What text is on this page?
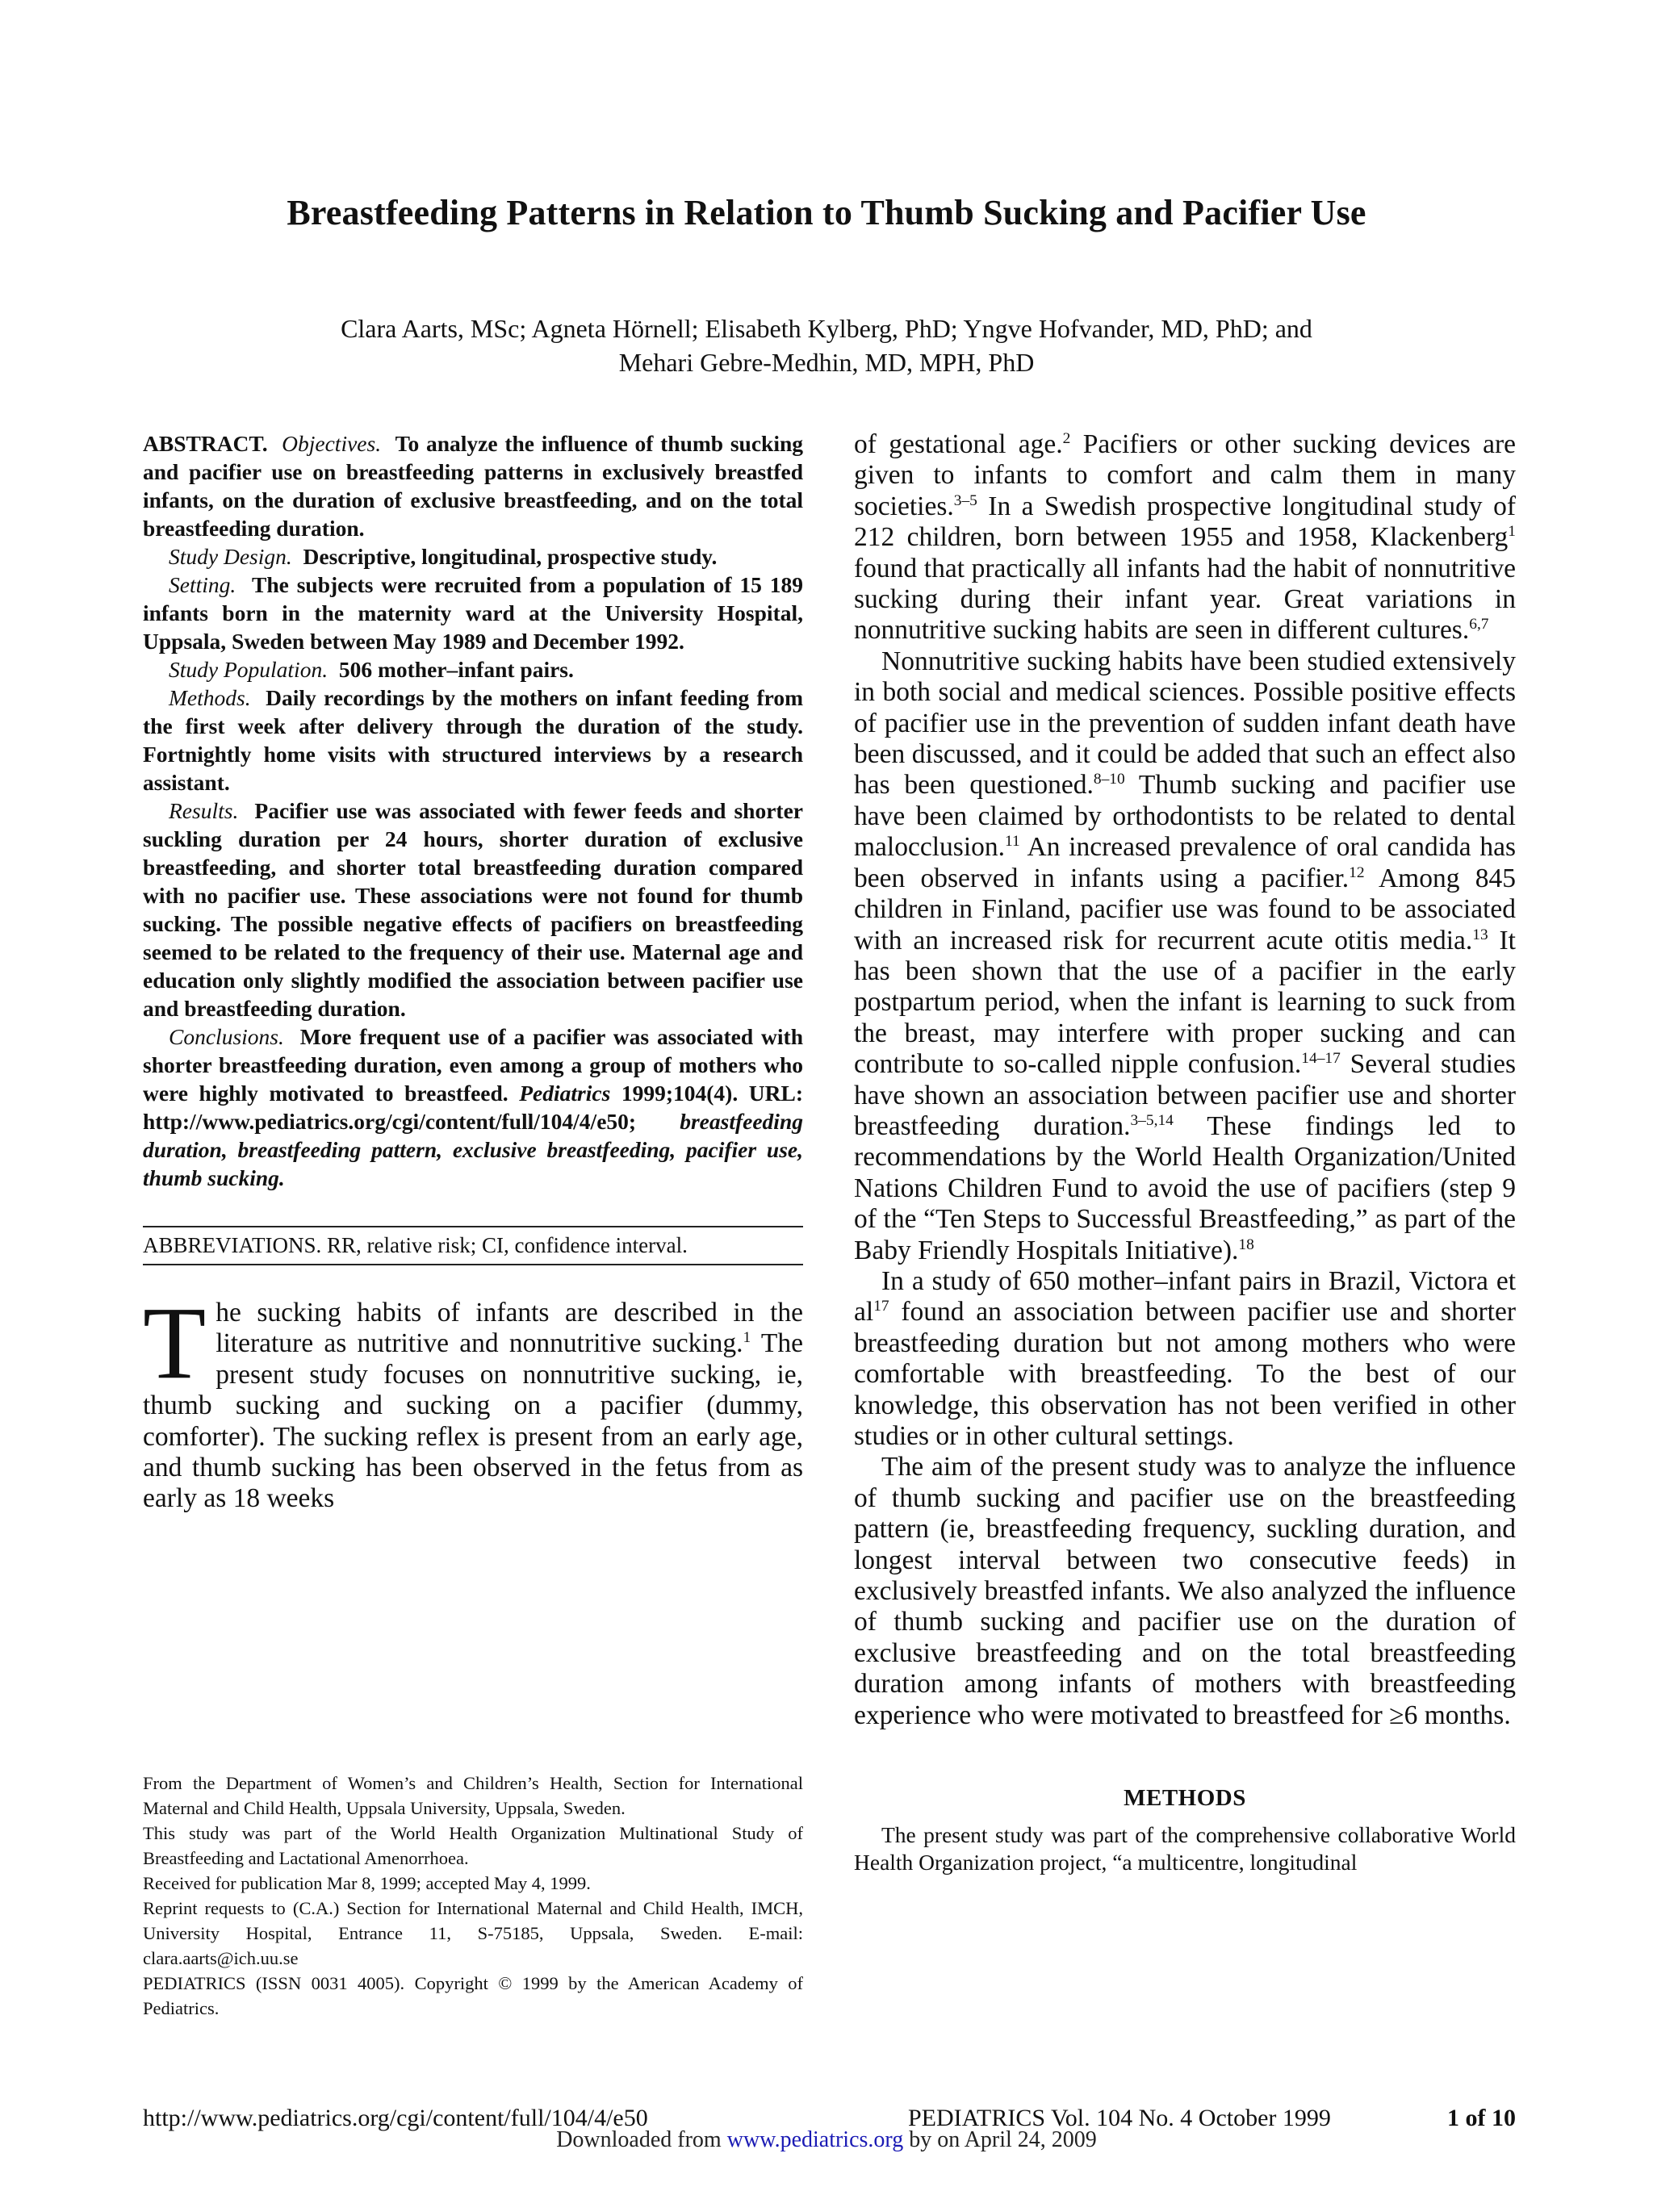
Breastfeeding Patterns in Relation to Thumb Sucking and Pacifier Use
Clara Aarts, MSc; Agneta Hörnell; Elisabeth Kylberg, PhD; Yngve Hofvander, MD, PhD; and
Mehari Gebre-Medhin, MD, MPH, PhD

ABSTRACT. Objectives. To analyze the influence of thumb sucking and pacifier use on breastfeeding patterns in exclusively breastfed infants, on the duration of exclusive breastfeeding, and on the total breastfeeding duration.

Study Design. Descriptive, longitudinal, prospective study.

Setting. The subjects were recruited from a population of 15 189 infants born in the maternity ward at the University Hospital, Uppsala, Sweden between May 1989 and December 1992.

Study Population. 506 mother–infant pairs.

Methods. Daily recordings by the mothers on infant feeding from the first week after delivery through the duration of the study. Fortnightly home visits with structured interviews by a research assistant.

Results. Pacifier use was associated with fewer feeds and shorter suckling duration per 24 hours, shorter duration of exclusive breastfeeding, and shorter total breastfeeding duration compared with no pacifier use. These associations were not found for thumb sucking. The possible negative effects of pacifiers on breastfeeding seemed to be related to the frequency of their use. Maternal age and education only slightly modified the association between pacifier use and breastfeeding duration.

Conclusions. More frequent use of a pacifier was associated with shorter breastfeeding duration, even among a group of mothers who were highly motivated to breastfeed. Pediatrics 1999;104(4). URL: http://www.pediatrics.org/cgi/content/full/104/4/e50; breastfeeding duration, breastfeeding pattern, exclusive breastfeeding, pacifier use, thumb sucking.

ABBREVIATIONS. RR, relative risk; CI, confidence interval.

The sucking habits of infants are described in the literature as nutritive and nonnutritive sucking.$^1$ The present study focuses on nonnutritive sucking, ie, thumb sucking and sucking on a pacifier (dummy, comforter). The sucking reflex is present from an early age, and thumb sucking has been observed in the fetus from as early as 18 weeks

From the Department of Women’s and Children’s Health, Section for International Maternal and Child Health, Uppsala University, Uppsala, Sweden.

This study was part of the World Health Organization Multinational Study of Breastfeeding and Lactational Amenorrhoea.

Received for publication Mar 8, 1999; accepted May 4, 1999.

Reprint requests to (C.A.) Section for International Maternal and Child Health, IMCH, University Hospital, Entrance 11, S-75185, Uppsala, Sweden. E-mail: clara.aarts@ich.uu.se

PEDIATRICS (ISSN 0031 4005). Copyright © 1999 by the American Academy of Pediatrics.

of gestational age.$^2$ Pacifiers or other sucking devices are given to infants to comfort and calm them in many societies.$^{3-5}$ In a Swedish prospective longitudinal study of 212 children, born between 1955 and 1958, Klackenberg$^1$ found that practically all infants had the habit of nonnutritive sucking during their infant year. Great variations in nonnutritive sucking habits are seen in different cultures.$^{6,7}$

Nonnutritive sucking habits have been studied extensively in both social and medical sciences. Possible positive effects of pacifier use in the prevention of sudden infant death have been discussed, and it could be added that such an effect also has been questioned.$^{8-10}$ Thumb sucking and pacifier use have been claimed by orthodontists to be related to dental malocclusion.$^{11}$ An increased prevalence of oral candida has been observed in infants using a pacifier.$^{12}$ Among 845 children in Finland, pacifier use was found to be associated with an increased risk for recurrent acute otitis media.$^{13}$ It has been shown that the use of a pacifier in the early postpartum period, when the infant is learning to suck from the breast, may interfere with proper sucking and can contribute to so-called nipple confusion.$^{14-17}$ Several studies have shown an association between pacifier use and shorter breastfeeding duration.$^{3-5,14}$ These findings led to recommendations by the World Health Organization/United Nations Children Fund to avoid the use of pacifiers (step 9 of the “Ten Steps to Successful Breastfeeding,” as part of the Baby Friendly Hospitals Initiative).$^{18}$

In a study of 650 mother–infant pairs in Brazil, Victora et $al^{17}$ found an association between pacifier use and shorter breastfeeding duration but not among mothers who were comfortable with breastfeeding. To the best of our knowledge, this observation has not been verified in other studies or in other cultural settings.

The aim of the present study was to analyze the influence of thumb sucking and pacifier use on the breastfeeding pattern (ie, breastfeeding frequency, suckling duration, and longest interval between two consecutive feeds) in exclusively breastfed infants. We also analyzed the influence of thumb sucking and pacifier use on the duration of exclusive breastfeeding and on the total breastfeeding duration among infants of mothers with breastfeeding experience who were motivated to breastfeed for ≥6 months.

METHODS

The present study was part of the comprehensive collaborative World Health Organization project, “a multicentre, longitudinal

http://www.pediatrics.org/cgi/content/full/104/4/e50	PEDIATRICS Vol. 104 No. 4 October 1999	1 of 10
Downloaded from www.pediatrics.org by on April 24, 2009
